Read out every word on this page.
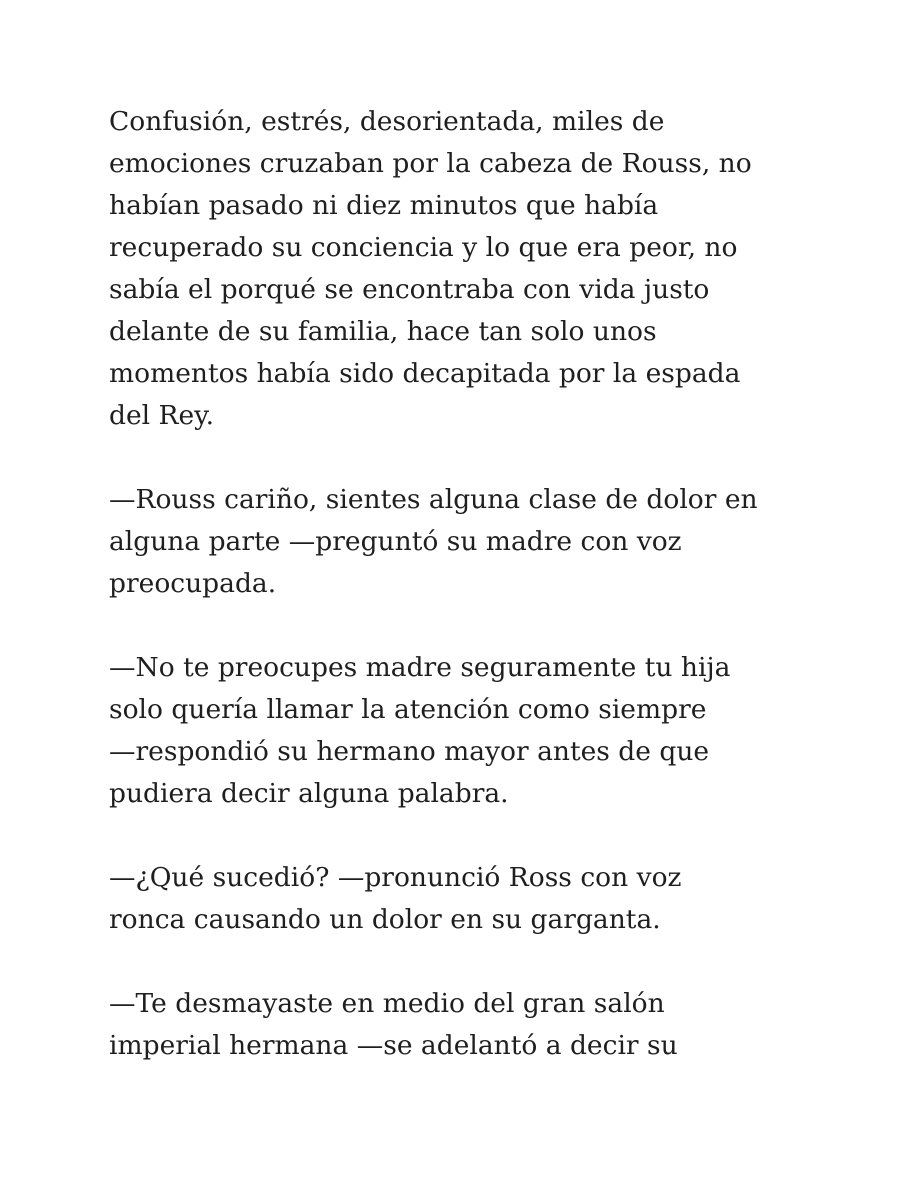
Confusión, estrés, desorientada, miles de
emociones cruzaban por la cabeza de Rouss, no
habían pasado ni diez minutos que había
recuperado su conciencia y lo que era peor, no
sabía el porqué se encontraba con vida justo
delante de su familia, hace tan solo unos
momentos había sido decapitada por la espada
del Rey.

—Rouss cariño, sientes alguna clase de dolor en
alguna parte —preguntó su madre con voz
preocupada.

—No te preocupes madre seguramente tu hija
solo quería llamar la atención como siempre
—respondió su hermano mayor antes de que
pudiera decir alguna palabra.

—¿Qué sucedió? —pronunció Ross con voz
ronca causando un dolor en su garganta.

—Te desmayaste en medio del gran salón
imperial hermana —se adelantó a decir su
